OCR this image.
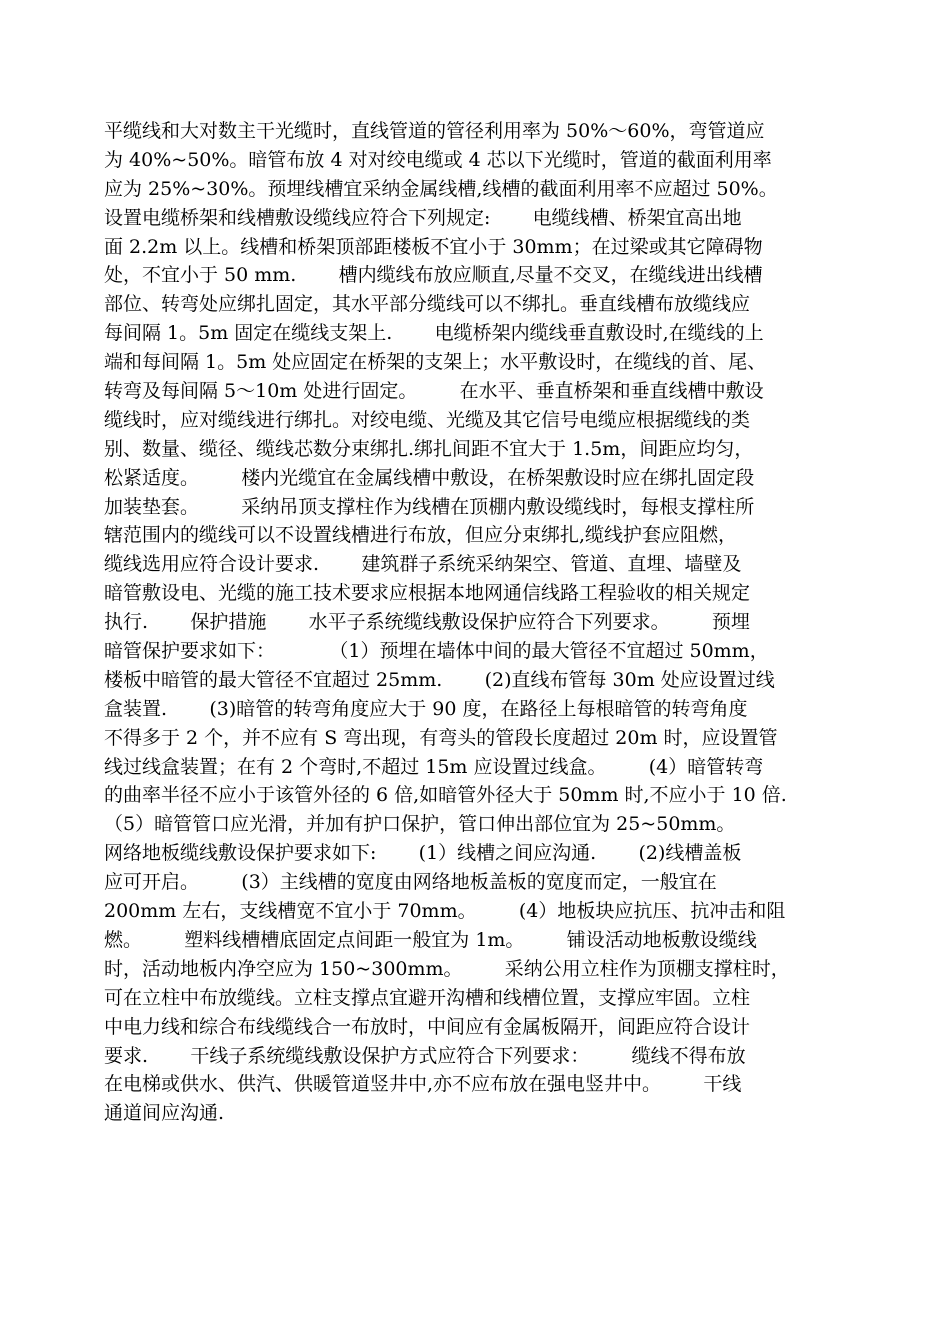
平缆线和大对数主干光缆时，直线管道的管径利用率为 50%～60%，弯管道应
为 40%~50%。暗管布放 4 对对绞电缆或 4 芯以下光缆时，管道的截面利用率
应为 25%~30%。预埋线槽宜采纳金属线槽,线槽的截面利用率不应超过 50%。
设置电缆桥架和线槽敷设缆线应符合下列规定:       电缆线槽、桥架宜高出地
面 2.2m 以上。线槽和桥架顶部距楼板不宜小于 30mm；在过梁或其它障碍物
处，不宜小于 50 mm.       槽内缆线布放应顺直,尽量不交叉，在缆线进出线槽
部位、转弯处应绑扎固定，其水平部分缆线可以不绑扎。垂直线槽布放缆线应
每间隔 1。5m 固定在缆线支架上.       电缆桥架内缆线垂直敷设时,在缆线的上
端和每间隔 1。5m 处应固定在桥架的支架上；水平敷设时，在缆线的首、尾、
转弯及每间隔 5～10m 处进行固定。       在水平、垂直桥架和垂直线槽中敷设
缆线时，应对缆线进行绑扎。对绞电缆、光缆及其它信号电缆应根据缆线的类
别、数量、缆径、缆线芯数分束绑扎.绑扎间距不宜大于 1.5m，间距应均匀，
松紧适度。       楼内光缆宜在金属线槽中敷设，在桥架敷设时应在绑扎固定段
加装垫套。       采纳吊顶支撑柱作为线槽在顶棚内敷设缆线时，每根支撑柱所
辖范围内的缆线可以不设置线槽进行布放，但应分束绑扎,缆线护套应阻燃，
缆线选用应符合设计要求.       建筑群子系统采纳架空、管道、直埋、墙壁及
暗管敷设电、光缆的施工技术要求应根据本地网通信线路工程验收的相关规定
执行.       保护措施       水平子系统缆线敷设保护应符合下列要求。       预埋
暗管保护要求如下：         （1）预埋在墙体中间的最大管径不宜超过 50mm，
楼板中暗管的最大管径不宜超过 25mm.       (2)直线布管每 30m 处应设置过线
盒装置.       (3)暗管的转弯角度应大于 90 度，在路径上每根暗管的转弯角度
不得多于 2 个，并不应有 S 弯出现，有弯头的管段长度超过 20m 时，应设置管
线过线盒装置；在有 2 个弯时,不超过 15m 应设置过线盒。       (4）暗管转弯
的曲率半径不应小于该管外径的 6 倍,如暗管外径大于 50mm 时,不应小于 10 倍.
（5）暗管管口应光滑，并加有护口保护，管口伸出部位宜为 25~50mm。
网络地板缆线敷设保护要求如下:       (1）线槽之间应沟通.       (2)线槽盖板
应可开启。       (3）主线槽的宽度由网络地板盖板的宽度而定，一般宜在
200mm 左右，支线槽宽不宜小于 70mm。       (4）地板块应抗压、抗冲击和阻
燃。       塑料线槽槽底固定点间距一般宜为 1m。       铺设活动地板敷设缆线
时，活动地板内净空应为 150~300mm。       采纳公用立柱作为顶棚支撑柱时，
可在立柱中布放缆线。立柱支撑点宜避开沟槽和线槽位置，支撑应牢固。立柱
中电力线和综合布线缆线合一布放时，中间应有金属板隔开，间距应符合设计
要求.       干线子系统缆线敷设保护方式应符合下列要求：       缆线不得布放
在电梯或供水、供汽、供暖管道竖井中,亦不应布放在强电竖井中。       干线
通道间应沟通.
